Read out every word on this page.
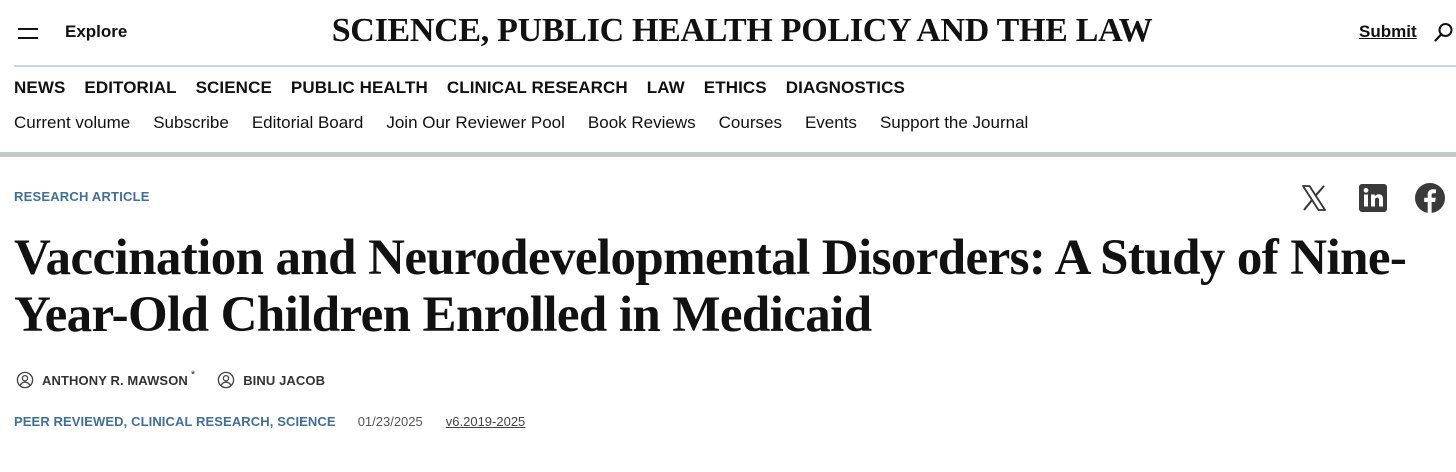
Explore	SCIENCE, PUBLIC HEALTH POLICY AND THE LAW	Submit
NEWS EDITORIAL SCIENCE PUBLIC HEALTH CLINICAL RESEARCH LAW ETHICS DIAGNOSTICS
Current volume Subscribe Editorial Board Join Our Reviewer Pool Book Reviews Courses Events Support the Journal
RESEARCH ARTICLE
Vaccination and Neurodevelopmental Disorders: A Study of Nine-Year-Old Children Enrolled in Medicaid
ANTHONY R. MAWSON *	BINU JACOB
PEER REVIEWED, CLINICAL RESEARCH, SCIENCE 01/23/2025 v6.2019-2025
